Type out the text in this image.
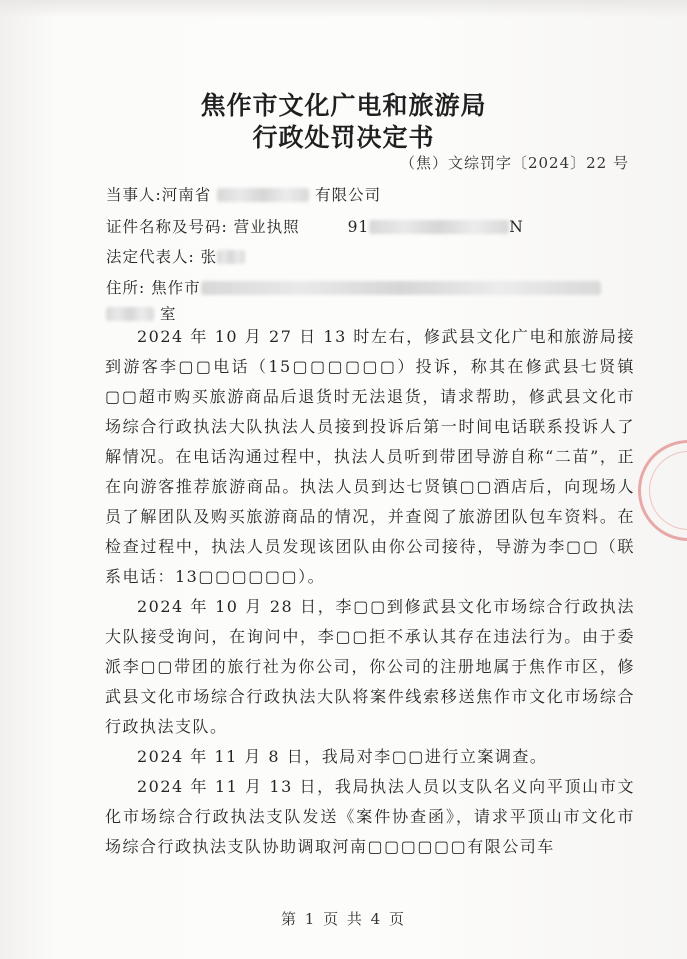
焦作市文化广电和旅游局
行政处罚决定书
（焦）文综罚字〔2024〕22 号
当事人:河南省	有限公司
证件名称及号码: 营业执照	91	N
法定代表人: 张
住所: 焦作市
室

2024 年 10 月 27 日 13 时左右，修武县文化广电和旅游局接到游客李▢▢电话（15▢▢▢▢▢▢）投诉，称其在修武县七贤镇▢▢超市购买旅游商品后退货时无法退货，请求帮助，修武县文化市场综合行政执法大队执法人员接到投诉后第一时间电话联系投诉人了解情况。在电话沟通过程中，执法人员听到带团导游自称“二苗”，正在向游客推荐旅游商品。执法人员到达七贤镇▢▢酒店后，向现场人员了解团队及购买旅游商品的情况，并查阅了旅游团队包车资料。在检查过程中，执法人员发现该团队由你公司接待，导游为李▢▢（联系电话：13▢▢▢▢▢▢）。

2024 年 10 月 28 日，李▢▢到修武县文化市场综合行政执法大队接受询问，在询问中，李▢▢拒不承认其存在违法行为。由于委派李▢▢带团的旅行社为你公司，你公司的注册地属于焦作市区，修武县文化市场综合行政执法大队将案件线索移送焦作市文化市场综合行政执法支队。

2024 年 11 月 8 日，我局对李▢▢进行立案调查。

2024 年 11 月 13 日，我局执法人员以支队名义向平顶山市文化市场综合行政执法支队发送《案件协查函》，请求平顶山市文化市场综合行政执法支队协助调取河南▢▢▢▢▢▢有限公司车

第 1 页 共 4 页
